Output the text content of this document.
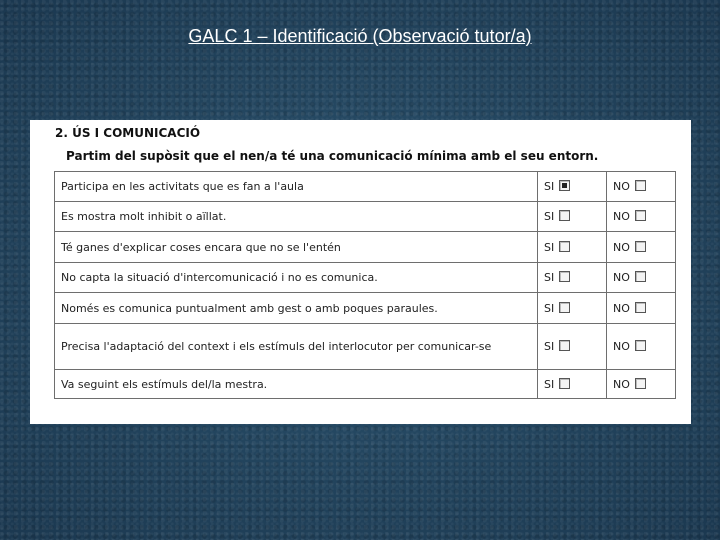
GALC 1 – Identificació (Observació tutor/a)
2. ÚS I COMUNICACIÓ
Partim del supòsit que el nen/a té una comunicació mínima amb el seu entorn.
Participa en les activitats que es fan a l'aula	SI	NO
Es mostra molt inhibit o aïllat.	SI	NO
Té ganes d'explicar coses encara que no se l'entén	SI	NO
No capta la situació d'intercomunicació i no es comunica.	SI	NO
Només es comunica puntualment amb gest o amb poques paraules.	SI	NO
Precisa l'adaptació del context i els estímuls del interlocutor per comunicar-se	SI	NO
Va seguint els estímuls del/la mestra.	SI	NO
